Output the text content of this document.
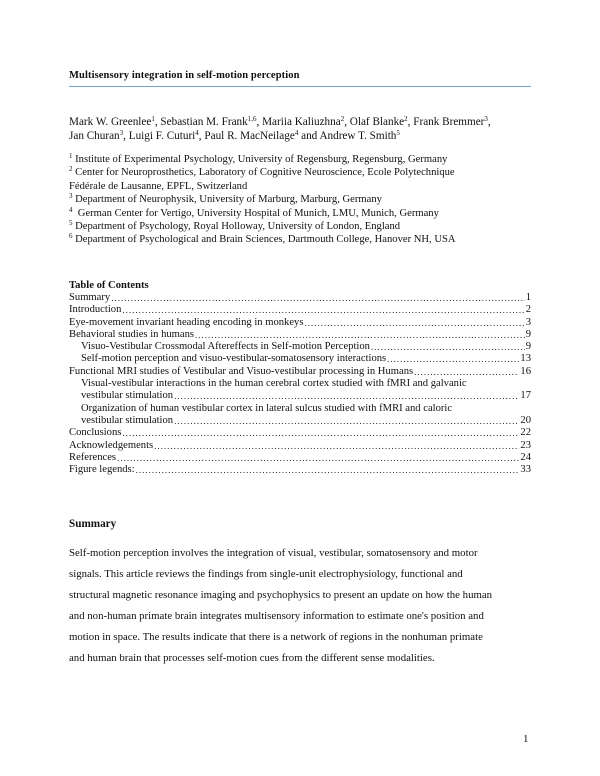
Multisensory integration in self-motion perception
Mark W. Greenlee$^1$, Sebastian M. Frank$^{1,6}$, Mariia Kaliuzhna$^2$, Olaf Blanke$^2$, Frank Bremmer$^3$,
Jan Churan$^3$, Luigi F. Cuturi$^4$, Paul R. MacNeilage$^4$ and Andrew T. Smith$^5$
$^1$ Institute of Experimental Psychology, University of Regensburg, Regensburg, Germany
$^2$ Center for Neuroprosthetics, Laboratory of Cognitive Neuroscience, Ecole Polytechnique
Fédérale de Lausanne, EPFL, Switzerland
$^3$ Department of Neurophysik, University of Marburg, Marburg, Germany
$^4$  German Center for Vertigo, University Hospital of Munich, LMU, Munich, Germany
$^5$ Department of Psychology, Royal Holloway, University of London, England
$^6$ Department of Psychological and Brain Sciences, Dartmouth College, Hanover NH, USA
Table of Contents
Summary .....	1
Introduction .....	2
Eye-movement invariant heading encoding in monkeys .....	3
Behavioral studies in humans .....	9
Visuo-Vestibular Crossmodal Aftereffects in Self-motion Perception .....	9
Self-motion perception and visuo-vestibular-somatosensory interactions .....	13
Functional MRI studies of Vestibular and Visuo-vestibular processing in Humans .....	16
Visual-vestibular interactions in the human cerebral cortex studied with fMRI and galvanic
vestibular stimulation .....	17
Organization of human vestibular cortex in lateral sulcus studied with fMRI and caloric
vestibular stimulation .....	20
Conclusions .....	22
Acknowledgements .....	23
References .....	24
Figure legends: .....	33
Summary
Self-motion perception involves the integration of visual, vestibular, somatosensory and motor
signals. This article reviews the findings from single-unit electrophysiology, functional and
structural magnetic resonance imaging and psychophysics to present an update on how the human
and non-human primate brain integrates multisensory information to estimate one's position and
motion in space. The results indicate that there is a network of regions in the nonhuman primate
and human brain that processes self-motion cues from the different sense modalities.
1
